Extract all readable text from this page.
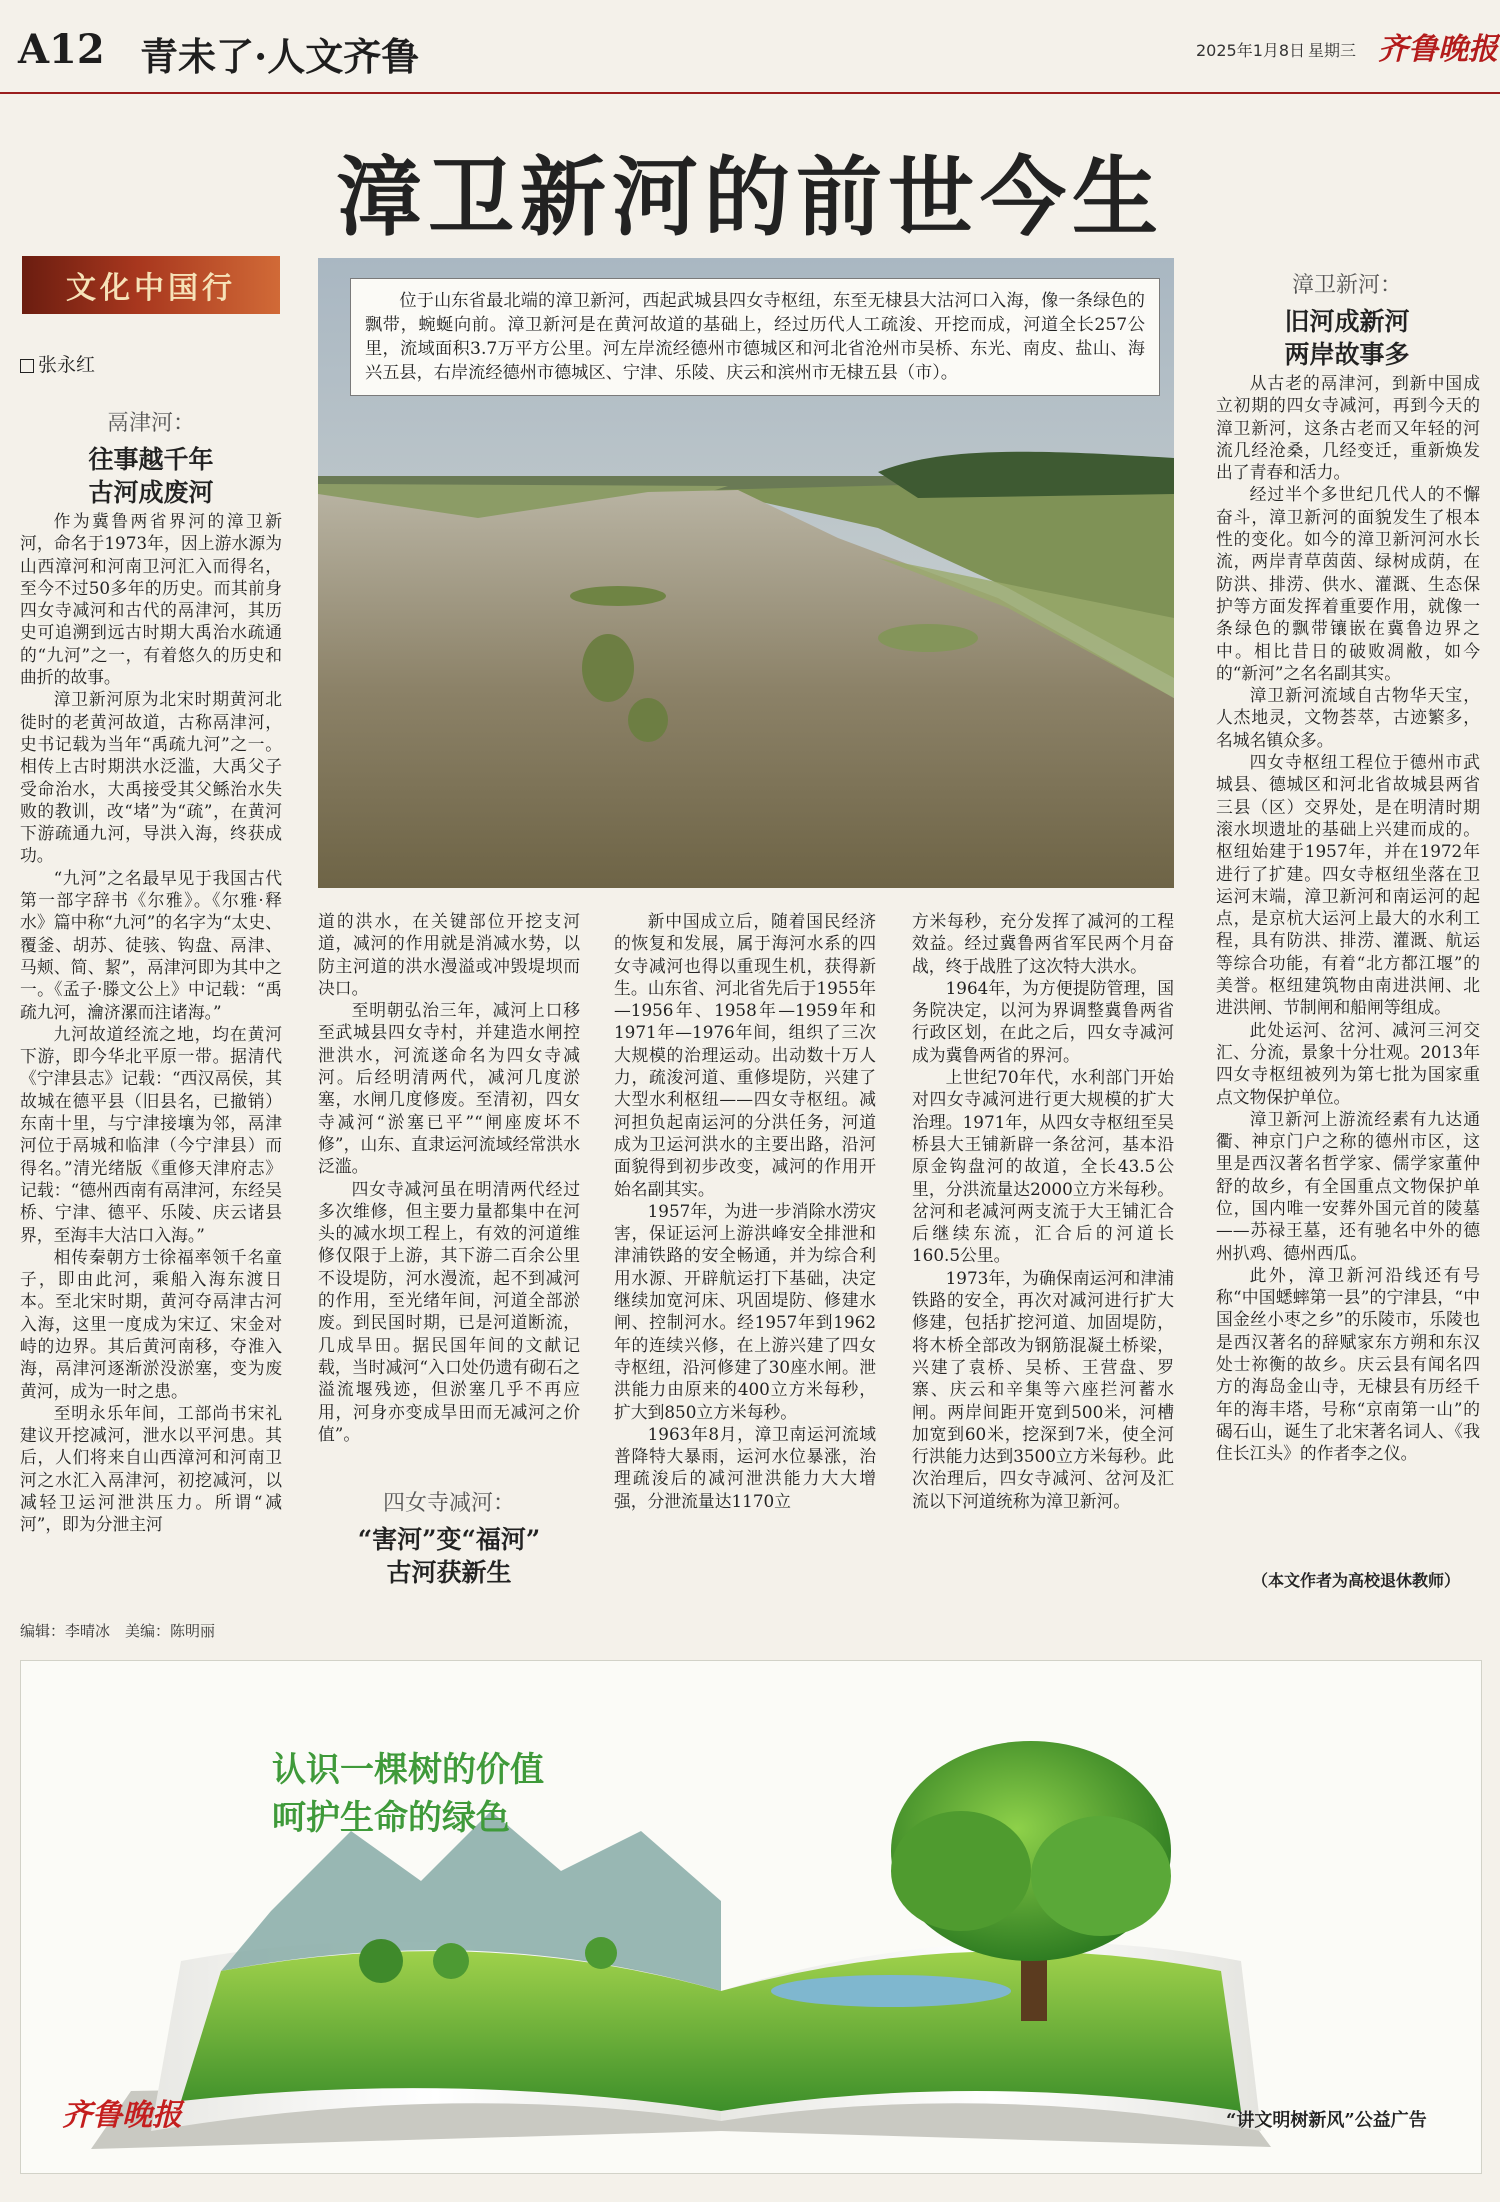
A12 青未了·人文齐鲁	2025年1月8日 星期三 齐鲁晚报
漳卫新河的前世今生
文化中国行
张永红
鬲津河：
往事越千年
古河成废河

作为冀鲁两省界河的漳卫新河，命名于1973年，因上游水源为山西漳河和河南卫河汇入而得名，至今不过50多年的历史。而其前身四女寺减河和古代的鬲津河，其历史可追溯到远古时期大禹治水疏通的“九河”之一，有着悠久的历史和曲折的故事。

漳卫新河原为北宋时期黄河北徙时的老黄河故道，古称鬲津河，史书记载为当年“禹疏九河”之一。相传上古时期洪水泛滥，大禹父子受命治水，大禹接受其父鲧治水失败的教训，改“堵”为“疏”，在黄河下游疏通九河，导洪入海，终获成功。

“九河”之名最早见于我国古代第一部字辞书《尔雅》。《尔雅·释水》篇中称“九河”的名字为“太史、覆釜、胡苏、徒骇、钩盘、鬲津、马颊、简、絜”，鬲津河即为其中之一。《孟子·滕文公上》中记载：“禹疏九河，瀹济漯而注诸海。”

九河故道经流之地，均在黄河下游，即今华北平原一带。据清代《宁津县志》记载：“西汉鬲侯，其故城在德平县（旧县名，已撤销）东南十里，与宁津接壤为邻，鬲津河位于鬲城和临津（今宁津县）而得名。”清光绪版《重修天津府志》记载：“德州西南有鬲津河，东经吴桥、宁津、德平、乐陵、庆云诸县界，至海丰大沽口入海。”

相传秦朝方士徐福率领千名童子，即由此河，乘船入海东渡日本。至北宋时期，黄河夺鬲津古河入海，这里一度成为宋辽、宋金对峙的边界。其后黄河南移，夺淮入海，鬲津河逐渐淤没淤塞，变为废黄河，成为一时之患。

至明永乐年间，工部尚书宋礼建议开挖减河，泄水以平河患。其后，人们将来自山西漳河和河南卫河之水汇入鬲津河，初挖减河，以减轻卫运河泄洪压力。所谓“减河”，即为分泄主河

位于山东省最北端的漳卫新河，西起武城县四女寺枢纽，东至无棣县大沽河口入海，像一条绿色的飘带，蜿蜒向前。漳卫新河是在黄河故道的基础上，经过历代人工疏浚、开挖而成，河道全长257公里，流域面积3.7万平方公里。河左岸流经德州市德城区和河北省沧州市吴桥、东光、南皮、盐山、海兴五县，右岸流经德州市德城区、宁津、乐陵、庆云和滨州市无棣五县（市）。

道的洪水，在关键部位开挖支河道，减河的作用就是消减水势，以防主河道的洪水漫溢或冲毁堤坝而决口。

至明朝弘治三年，减河上口移至武城县四女寺村，并建造水闸控泄洪水，河流遂命名为四女寺减河。后经明清两代，减河几度淤塞，水闸几度修废。至清初，四女寺减河“淤塞已平”“闸座废坏不修”，山东、直隶运河流域经常洪水泛滥。

四女寺减河虽在明清两代经过多次维修，但主要力量都集中在河头的减水坝工程上，有效的河道维修仅限于上游，其下游二百余公里不设堤防，河水漫流，起不到减河的作用，至光绪年间，河道全部淤废。到民国时期，已是河道断流，几成旱田。据民国年间的文献记载，当时减河“入口处仍遗有砌石之溢流堰残迹，但淤塞几乎不再应用，河身亦变成旱田而无减河之价值”。

四女寺减河：
“害河”变“福河”
古河获新生

新中国成立后，随着国民经济的恢复和发展，属于海河水系的四女寺减河也得以重现生机，获得新生。山东省、河北省先后于1955年—1956年、1958年—1959年和1971年—1976年间，组织了三次大规模的治理运动。出动数十万人力，疏浚河道、重修堤防，兴建了大型水利枢纽——四女寺枢纽。减河担负起南运河的分洪任务，河道成为卫运河洪水的主要出路，沿河面貌得到初步改变，减河的作用开始名副其实。

1957年，为进一步消除水涝灾害，保证运河上游洪峰安全排泄和津浦铁路的安全畅通，并为综合利用水源、开辟航运打下基础，决定继续加宽河床、巩固堤防、修建水闸、控制河水。经1957年到1962年的连续兴修，在上游兴建了四女寺枢纽，沿河修建了30座水闸。泄洪能力由原来的400立方米每秒，扩大到850立方米每秒。

1963年8月，漳卫南运河流域普降特大暴雨，运河水位暴涨，治理疏浚后的减河泄洪能力大大增强，分泄流量达1170立

方米每秒，充分发挥了减河的工程效益。经过冀鲁两省军民两个月奋战，终于战胜了这次特大洪水。

1964年，为方便提防管理，国务院决定，以河为界调整冀鲁两省行政区划，在此之后，四女寺减河成为冀鲁两省的界河。

上世纪70年代，水利部门开始对四女寺减河进行更大规模的扩大治理。1971年，从四女寺枢纽至吴桥县大王铺新辟一条岔河，基本沿原金钩盘河的故道，全长43.5公里，分洪流量达2000立方米每秒。岔河和老减河两支流于大王铺汇合后继续东流，汇合后的河道长160.5公里。

1973年，为确保南运河和津浦铁路的安全，再次对减河进行扩大修建，包括扩挖河道、加固堤防，将木桥全部改为钢筋混凝土桥梁，兴建了袁桥、吴桥、王营盘、罗寨、庆云和辛集等六座拦河蓄水闸。两岸间距开宽到500米，河槽加宽到60米，挖深到7米，使全河行洪能力达到3500立方米每秒。此次治理后，四女寺减河、岔河及汇流以下河道统称为漳卫新河。

漳卫新河：
旧河成新河
两岸故事多

从古老的鬲津河，到新中国成立初期的四女寺减河，再到今天的漳卫新河，这条古老而又年轻的河流几经沧桑，几经变迁，重新焕发出了青春和活力。

经过半个多世纪几代人的不懈奋斗，漳卫新河的面貌发生了根本性的变化。如今的漳卫新河河水长流，两岸青草茵茵、绿树成荫，在防洪、排涝、供水、灌溉、生态保护等方面发挥着重要作用，就像一条绿色的飘带镶嵌在冀鲁边界之中。相比昔日的破败凋敝，如今的“新河”之名名副其实。

漳卫新河流域自古物华天宝，人杰地灵，文物荟萃，古迹繁多，名城名镇众多。

四女寺枢纽工程位于德州市武城县、德城区和河北省故城县两省三县（区）交界处，是在明清时期滚水坝遗址的基础上兴建而成的。枢纽始建于1957年，并在1972年进行了扩建。四女寺枢纽坐落在卫运河末端，漳卫新河和南运河的起点，是京杭大运河上最大的水利工程，具有防洪、排涝、灌溉、航运等综合功能，有着“北方都江堰”的美誉。枢纽建筑物由南进洪闸、北进洪闸、节制闸和船闸等组成。

此处运河、岔河、减河三河交汇、分流，景象十分壮观。2013年四女寺枢纽被列为第七批为国家重点文物保护单位。

漳卫新河上游流经素有九达通衢、神京门户之称的德州市区，这里是西汉著名哲学家、儒学家董仲舒的故乡，有全国重点文物保护单位，国内唯一安葬外国元首的陵墓——苏禄王墓，还有驰名中外的德州扒鸡、德州西瓜。

此外，漳卫新河沿线还有号称“中国蟋蟀第一县”的宁津县，“中国金丝小枣之乡”的乐陵市，乐陵也是西汉著名的辞赋家东方朔和东汉处士祢衡的故乡。庆云县有闻名四方的海岛金山寺，无棣县有历经千年的海丰塔，号称“京南第一山”的碣石山，诞生了北宋著名词人、《我住长江头》的作者李之仪。

（本文作者为高校退休教师）
编辑：李晴冰　美编：陈明丽
认识一棵树的价值
呵护生命的绿色
齐鲁晚报	“讲文明树新风”公益广告
